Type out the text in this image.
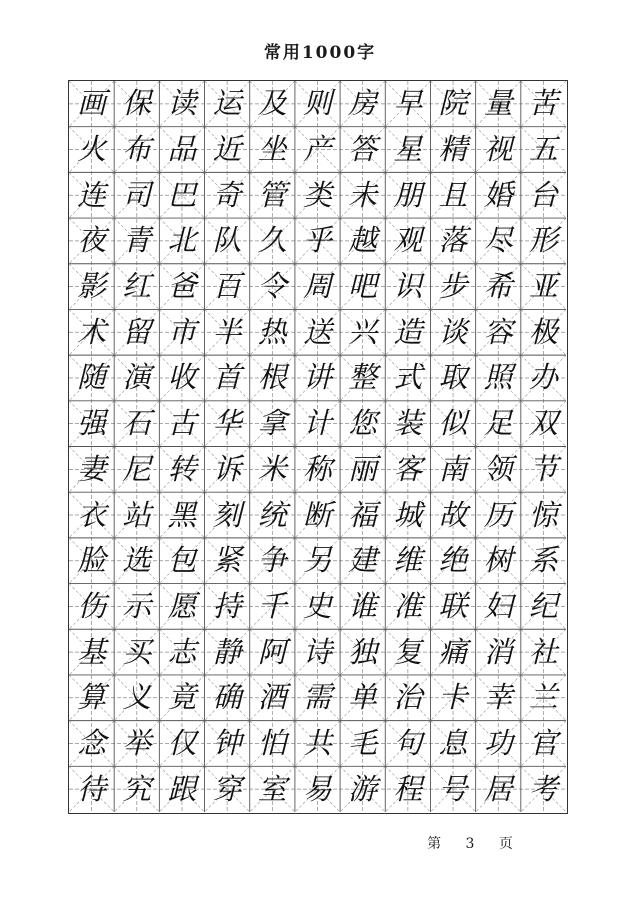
常用1000字
画 保 读 运 及 则 房 早 院 量 苦
火 布 品 近 坐 产 答 星 精 视 五
连 司 巴 奇 管 类 未 朋 且 婚 台
夜 青 北 队 久 乎 越 观 落 尽 形
影 红 爸 百 令 周 吧 识 步 希 亚
术 留 市 半 热 送 兴 造 谈 容 极
随 演 收 首 根 讲 整 式 取 照 办
强 石 古 华 拿 计 您 装 似 足 双
妻 尼 转 诉 米 称 丽 客 南 领 节
衣 站 黑 刻 统 断 福 城 故 历 惊
脸 选 包 紧 争 另 建 维 绝 树 系
伤 示 愿 持 千 史 谁 准 联 妇 纪
基 买 志 静 阿 诗 独 复 痛 消 社
算 义 竟 确 酒 需 单 治 卡 幸 兰
念 举 仅 钟 怕 共 毛 句 息 功 官
待 究 跟 穿 室 易 游 程 号 居 考
第 3 页
